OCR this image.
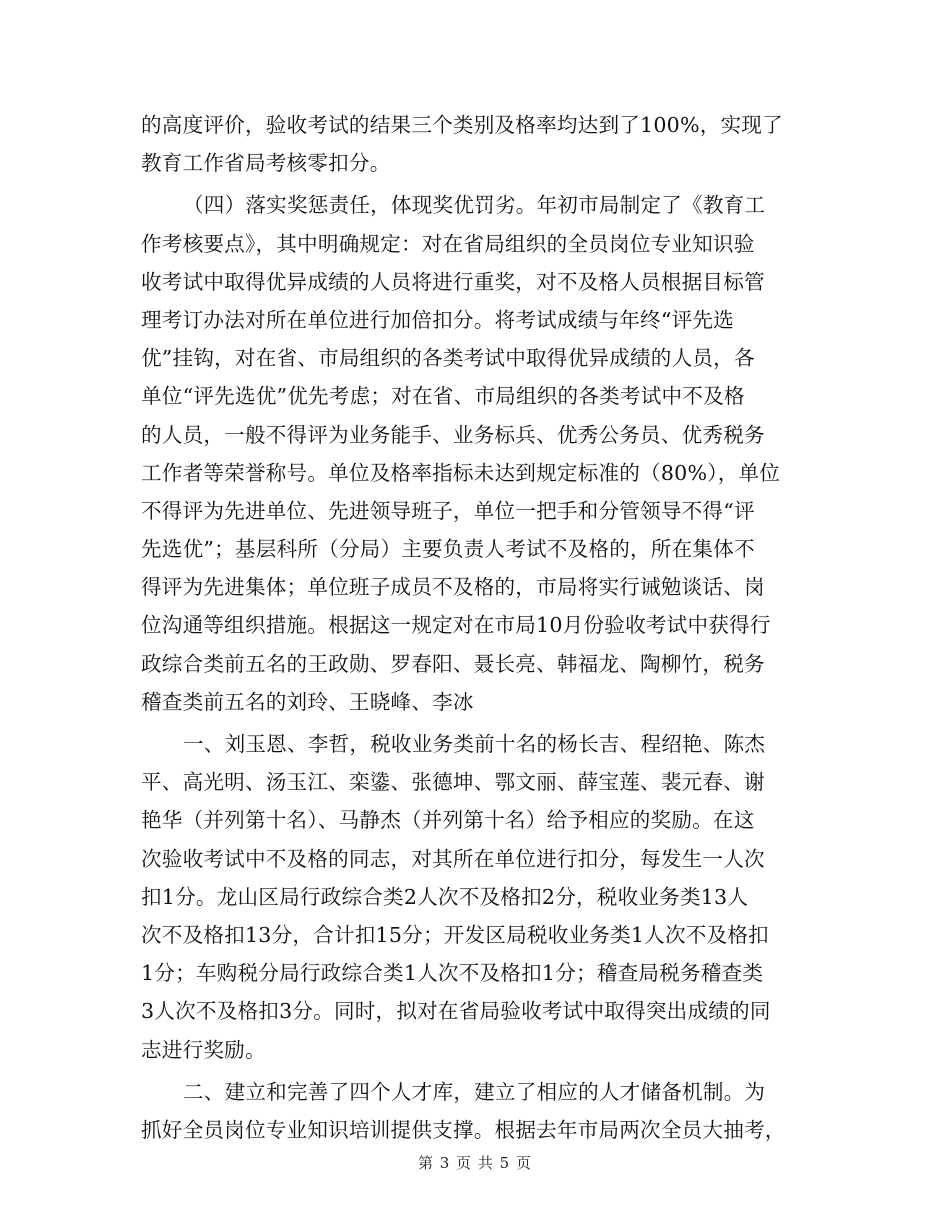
的高度评价，验收考试的结果三个类别及格率均达到了100%，实现了
教育工作省局考核零扣分。
（四）落实奖惩责任，体现奖优罚劣。年初市局制定了《教育工
作考核要点》，其中明确规定：对在省局组织的全员岗位专业知识验
收考试中取得优异成绩的人员将进行重奖，对不及格人员根据目标管
理考订办法对所在单位进行加倍扣分。将考试成绩与年终“评先选
优”挂钩，对在省、市局组织的各类考试中取得优异成绩的人员，各
单位“评先选优”优先考虑；对在省、市局组织的各类考试中不及格
的人员，一般不得评为业务能手、业务标兵、优秀公务员、优秀税务
工作者等荣誉称号。单位及格率指标未达到规定标准的（80%），单位
不得评为先进单位、先进领导班子，单位一把手和分管领导不得“评
先选优”；基层科所（分局）主要负责人考试不及格的，所在集体不
得评为先进集体；单位班子成员不及格的，市局将实行诫勉谈话、岗
位沟通等组织措施。根据这一规定对在市局10月份验收考试中获得行
政综合类前五名的王政勋、罗春阳、聂长亮、韩福龙、陶柳竹，税务
稽查类前五名的刘玲、王晓峰、李冰
一、刘玉恩、李哲，税收业务类前十名的杨长吉、程绍艳、陈杰
平、高光明、汤玉江、栾鍌、张德坤、鄂文丽、薛宝莲、裴元春、谢
艳华（并列第十名）、马静杰（并列第十名）给予相应的奖励。在这
次验收考试中不及格的同志，对其所在单位进行扣分，每发生一人次
扣1分。龙山区局行政综合类2人次不及格扣2分，税收业务类13人
次不及格扣13分，合计扣15分；开发区局税收业务类1人次不及格扣
1分；车购税分局行政综合类1人次不及格扣1分；稽查局税务稽查类
3人次不及格扣3分。同时，拟对在省局验收考试中取得突出成绩的同
志进行奖励。
二、建立和完善了四个人才库，建立了相应的人才储备机制。为
抓好全员岗位专业知识培训提供支撑。根据去年市局两次全员大抽考，
第 3 页 共 5 页
